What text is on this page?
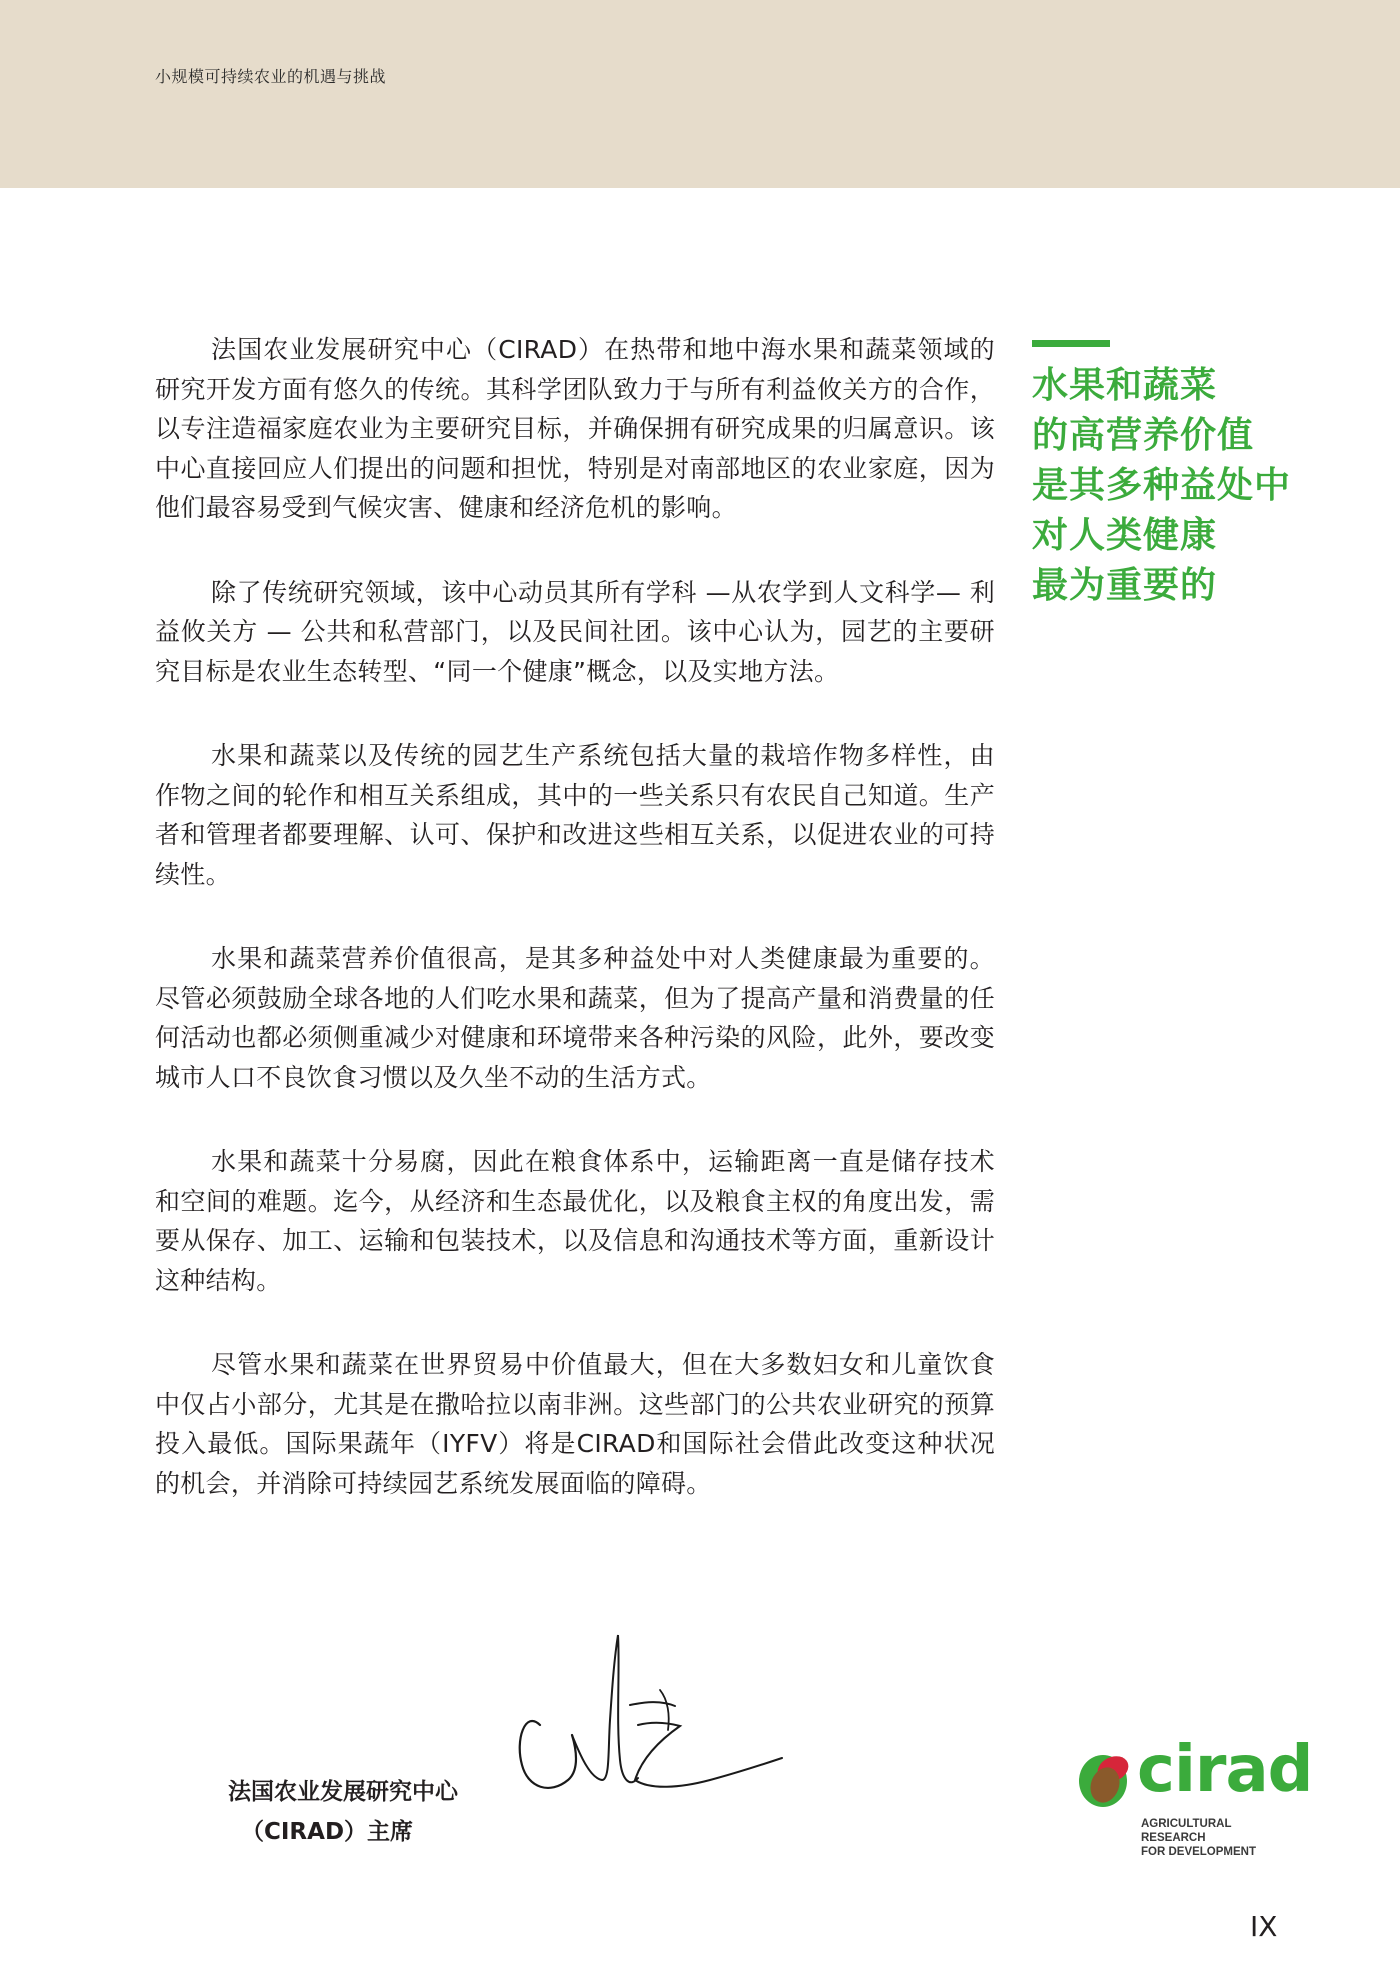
小规模可持续农业的机遇与挑战

法国农业发展研究中心（CIRAD）在热带和地中海水果和蔬菜领域的研究开发方面有悠久的传统。其科学团队致力于与所有利益攸关方的合作，以专注造福家庭农业为主要研究目标，并确保拥有研究成果的归属意识。该中心直接回应人们提出的问题和担忧，特别是对南部地区的农业家庭，因为他们最容易受到气候灾害、健康和经济危机的影响。

除了传统研究领域，该中心动员其所有学科 —从农学到人文科学— 利益攸关方 — 公共和私营部门，以及民间社团。该中心认为，园艺的主要研究目标是农业生态转型、“同一个健康”概念，以及实地方法。

水果和蔬菜以及传统的园艺生产系统包括大量的栽培作物多样性，由作物之间的轮作和相互关系组成，其中的一些关系只有农民自己知道。生产者和管理者都要理解、认可、保护和改进这些相互关系，以促进农业的可持续性。

水果和蔬菜营养价值很高，是其多种益处中对人类健康最为重要的。尽管必须鼓励全球各地的人们吃水果和蔬菜，但为了提高产量和消费量的任何活动也都必须侧重减少对健康和环境带来各种污染的风险，此外，要改变城市人口不良饮食习惯以及久坐不动的生活方式。

水果和蔬菜十分易腐，因此在粮食体系中，运输距离一直是储存技术和空间的难题。迄今，从经济和生态最优化，以及粮食主权的角度出发，需要从保存、加工、运输和包装技术，以及信息和沟通技术等方面，重新设计这种结构。

尽管水果和蔬菜在世界贸易中价值最大，但在大多数妇女和儿童饮食中仅占小部分，尤其是在撒哈拉以南非洲。这些部门的公共农业研究的预算投入最低。国际果蔬年（IYFV）将是CIRAD和国际社会借此改变这种状况的机会，并消除可持续园艺系统发展面临的障碍。

水果和蔬菜
的高营养价值
是其多种益处中
对人类健康
最为重要的
法国农业发展研究中心
（CIRAD）主席
cirad
AGRICULTURAL RESEARCH
FOR DEVELOPMENT
IX
